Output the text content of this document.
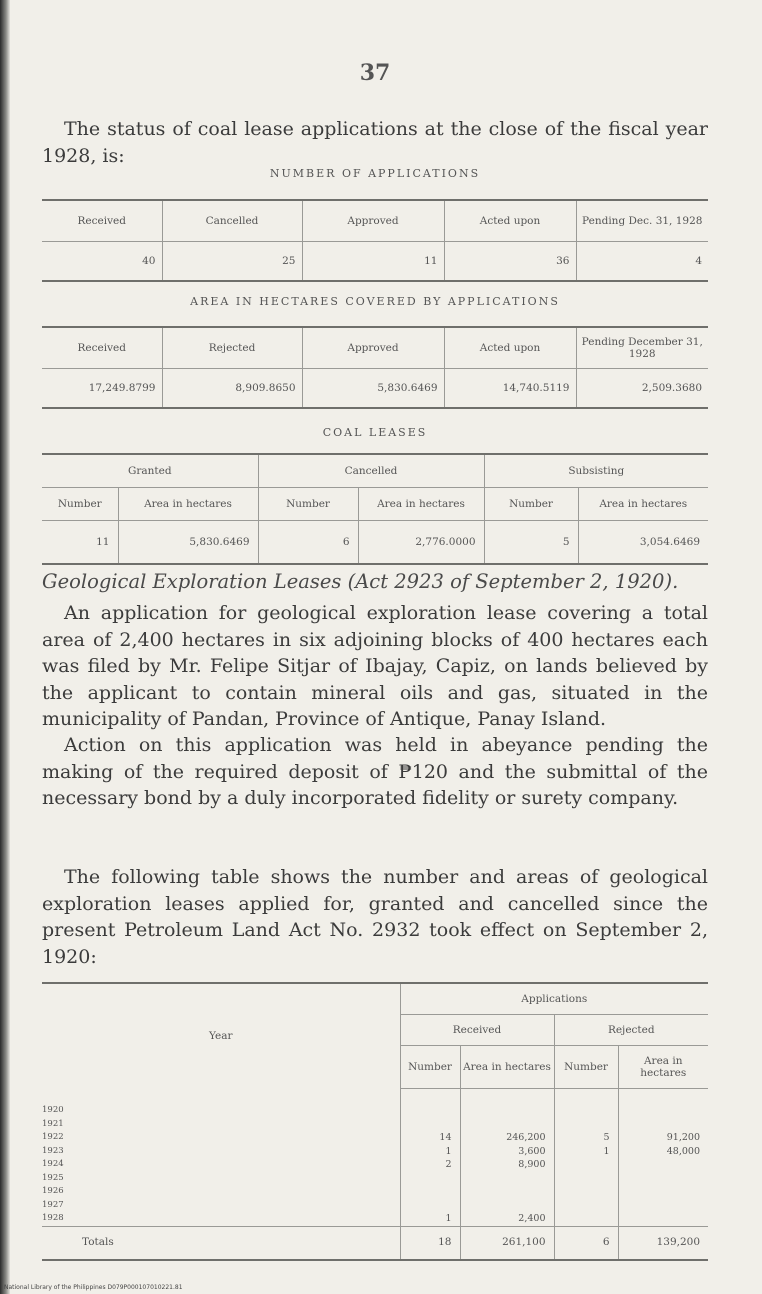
37
The status of coal lease applications at the close of the fiscal year 1928, is:
NUMBER OF APPLICATIONS
Received	Cancelled	Approved	Acted upon	Pending Dec. 31, 1928
40	25	11	36	4
AREA IN HECTARES COVERED BY APPLICATIONS
Received	Rejected	Approved	Acted upon	Pending December 31, 1928
17,249.8799	8,909.8650	5,830.6469	14,740.5119	2,509.3680
COAL LEASES
Granted		Cancelled		Subsisting	
Number	Area in hectares	Number	Area in hectares	Number	Area in hectares
11	5,830.6469	6	2,776.0000	5	3,054.6469
Geological Exploration Leases (Act 2923 of September 2, 1920).
An application for geological exploration lease covering a total area of 2,400 hectares in six adjoining blocks of 400 hectares each was filed by Mr. Felipe Sitjar of Ibajay, Capiz, on lands believed by the applicant to contain mineral oils and gas, situated in the municipality of Pandan, Province of Antique, Panay Island.
Action on this application was held in abeyance pending the making of the required deposit of ₱120 and the submittal of the necessary bond by a duly incorporated fidelity or surety company.
The following table shows the number and areas of geological exploration leases applied for, granted and cancelled since the present Petroleum Land Act No. 2932 took effect on September 2, 1920:
Year	Applications			
	Received		Rejected	
	Number	Area in hectares	Number	Area in hectares
1920				
1921				
1922	14	246,200	5	91,200
1923	1	3,600	1	48,000
1924	2	8,900		
1925				
1926				
1927				
1928	1	2,400		
Totals	18	261,100	6	139,200
National Library of the Philippines D079P000107010221.81
